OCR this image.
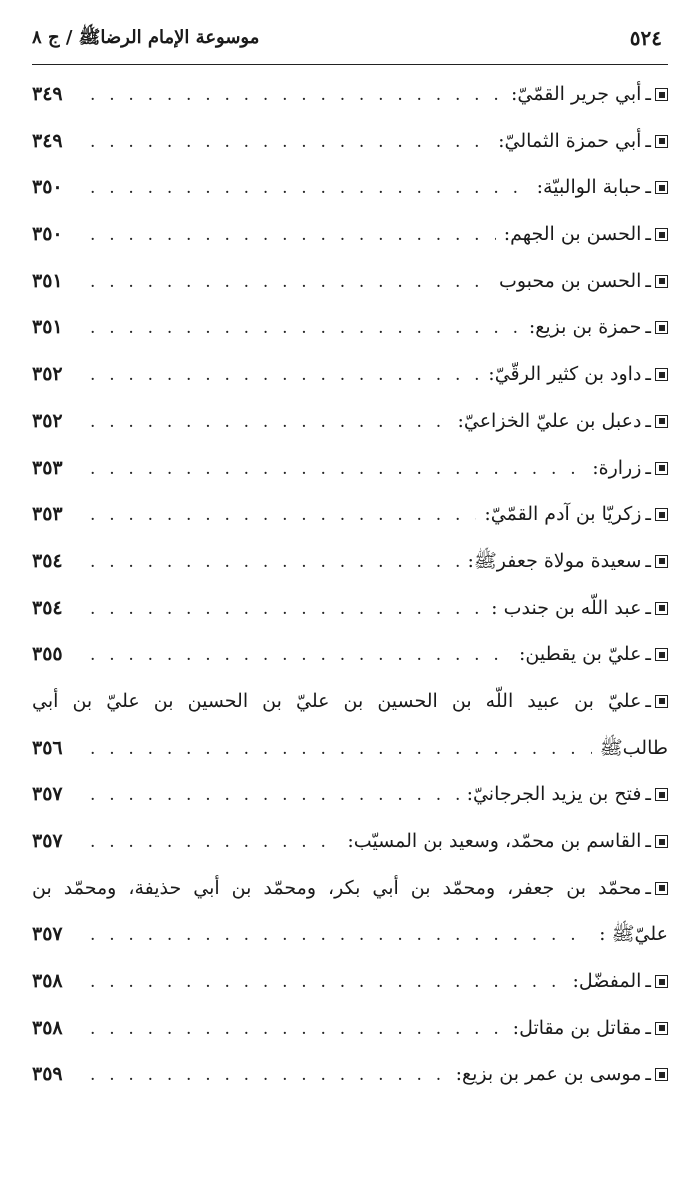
٥٢٤
موسوعة الإمام الرضاﷺ / ج ٨
ـ
أبي جرير القمّيّ:
. . .
٣٤٩
ـ
أبي حمزة الثماليّ:
. . .
٣٤٩
ـ
حبابة الوالبيّة:
. . .
٣٥٠
ـ
الحسن بن الجهم:
. . .
٣٥٠
ـ
الحسن بن محبوب
. . .
٣٥١
ـ
حمزة بن بزيع:
. . .
٣٥١
ـ
داود بن كثير الرقّيّ:
. . .
٣٥٢
ـ
دعبل بن عليّ الخزاعيّ:
. . .
٣٥٢
ـ
زرارة:
. . .
٣٥٣
ـ
زكريّا بن آدم القمّيّ:
. . .
٣٥٣
ـ
سعيدة مولاة جعفرﷺ:
. . .
٣٥٤
ـ
عبد اللّه بن جندب :
. . .
٣٥٤
ـ
عليّ بن يقطين:
. . .
٣٥٥
ـ
عليّ بن عبيد اللّه بن الحسين بن عليّ بن الحسين بن عليّ بن أبي
طالبﷺ
. . .
٣٥٦
ـ
فتح بن يزيد الجرجانيّ:
. . .
٣٥٧
ـ
القاسم بن محمّد، وسعيد بن المسيّب:
. . .
٣٥٧
ـ
محمّد بن جعفر، ومحمّد بن أبي بكر، ومحمّد بن أبي حذيفة، ومحمّد بن
عليّﷺ :
. . .
٣٥٧
ـ
المفضّل:
. . .
٣٥٨
ـ
مقاتل بن مقاتل:
. . .
٣٥٨
ـ
موسى بن عمر بن بزيع:
. . .
٣٥٩
